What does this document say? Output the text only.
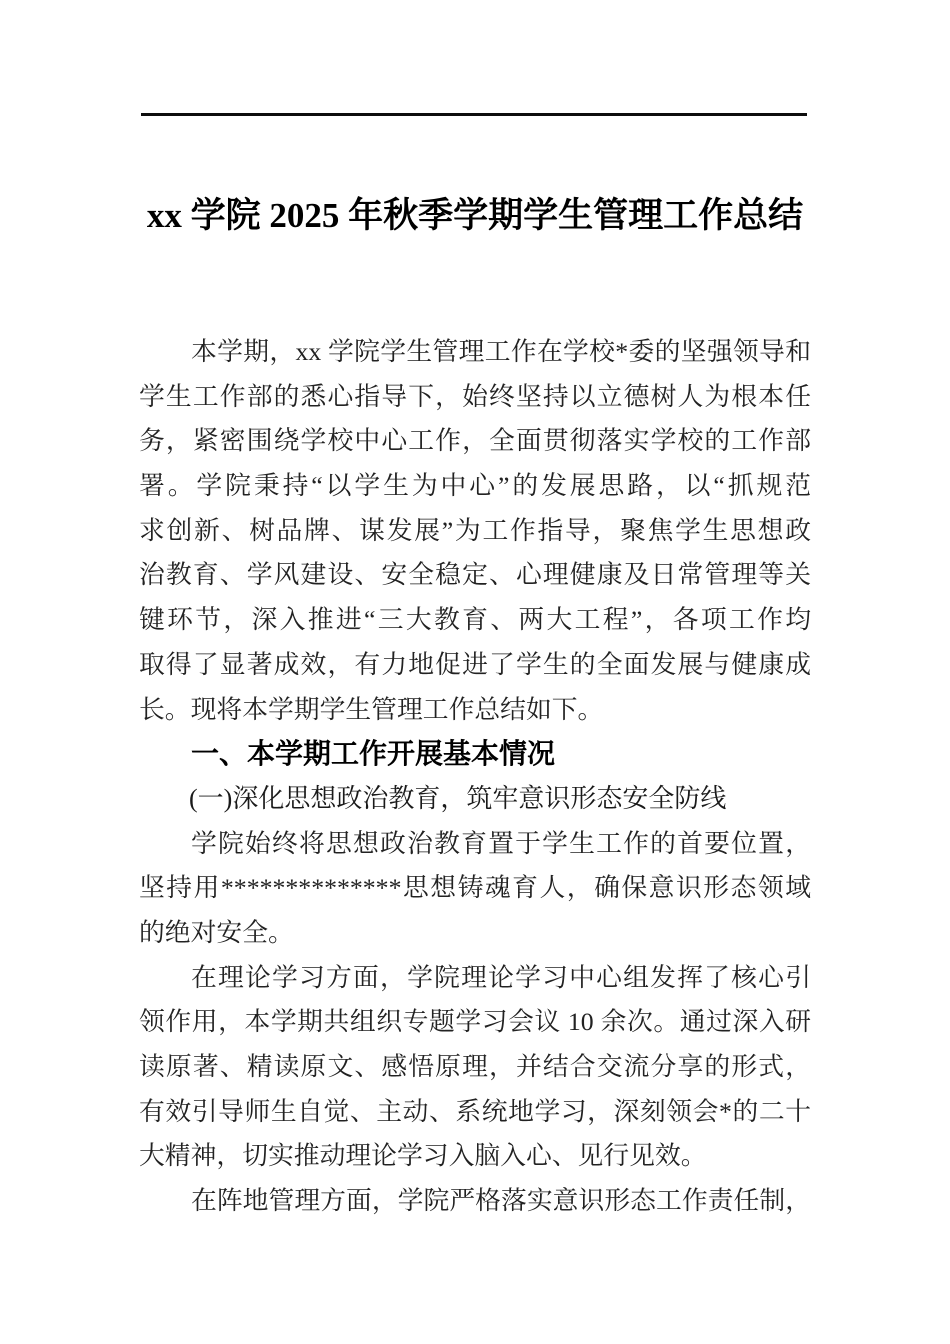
xx 学院 2025 年秋季学期学生管理工作总结
本学期，xx 学院学生管理工作在学校*委的坚强领导和
学生工作部的悉心指导下，始终坚持以立德树人为根本任
务，紧密围绕学校中心工作，全面贯彻落实学校的工作部
署。学院秉持“以学生为中心”的发展思路，以“抓规范
求创新、树品牌、谋发展”为工作指导，聚焦学生思想政
治教育、学风建设、安全稳定、心理健康及日常管理等关
键环节，深入推进“三大教育、两大工程”，各项工作均
取得了显著成效，有力地促进了学生的全面发展与健康成
长。现将本学期学生管理工作总结如下。
一、本学期工作开展基本情况
(一)深化思想政治教育，筑牢意识形态安全防线
学院始终将思想政治教育置于学生工作的首要位置，
坚持用**************思想铸魂育人，确保意识形态领域
的绝对安全。
在理论学习方面，学院理论学习中心组发挥了核心引
领作用，本学期共组织专题学习会议 10 余次。通过深入研
读原著、精读原文、感悟原理，并结合交流分享的形式，
有效引导师生自觉、主动、系统地学习，深刻领会*的二十
大精神，切实推动理论学习入脑入心、见行见效。
在阵地管理方面，学院严格落实意识形态工作责任制，
